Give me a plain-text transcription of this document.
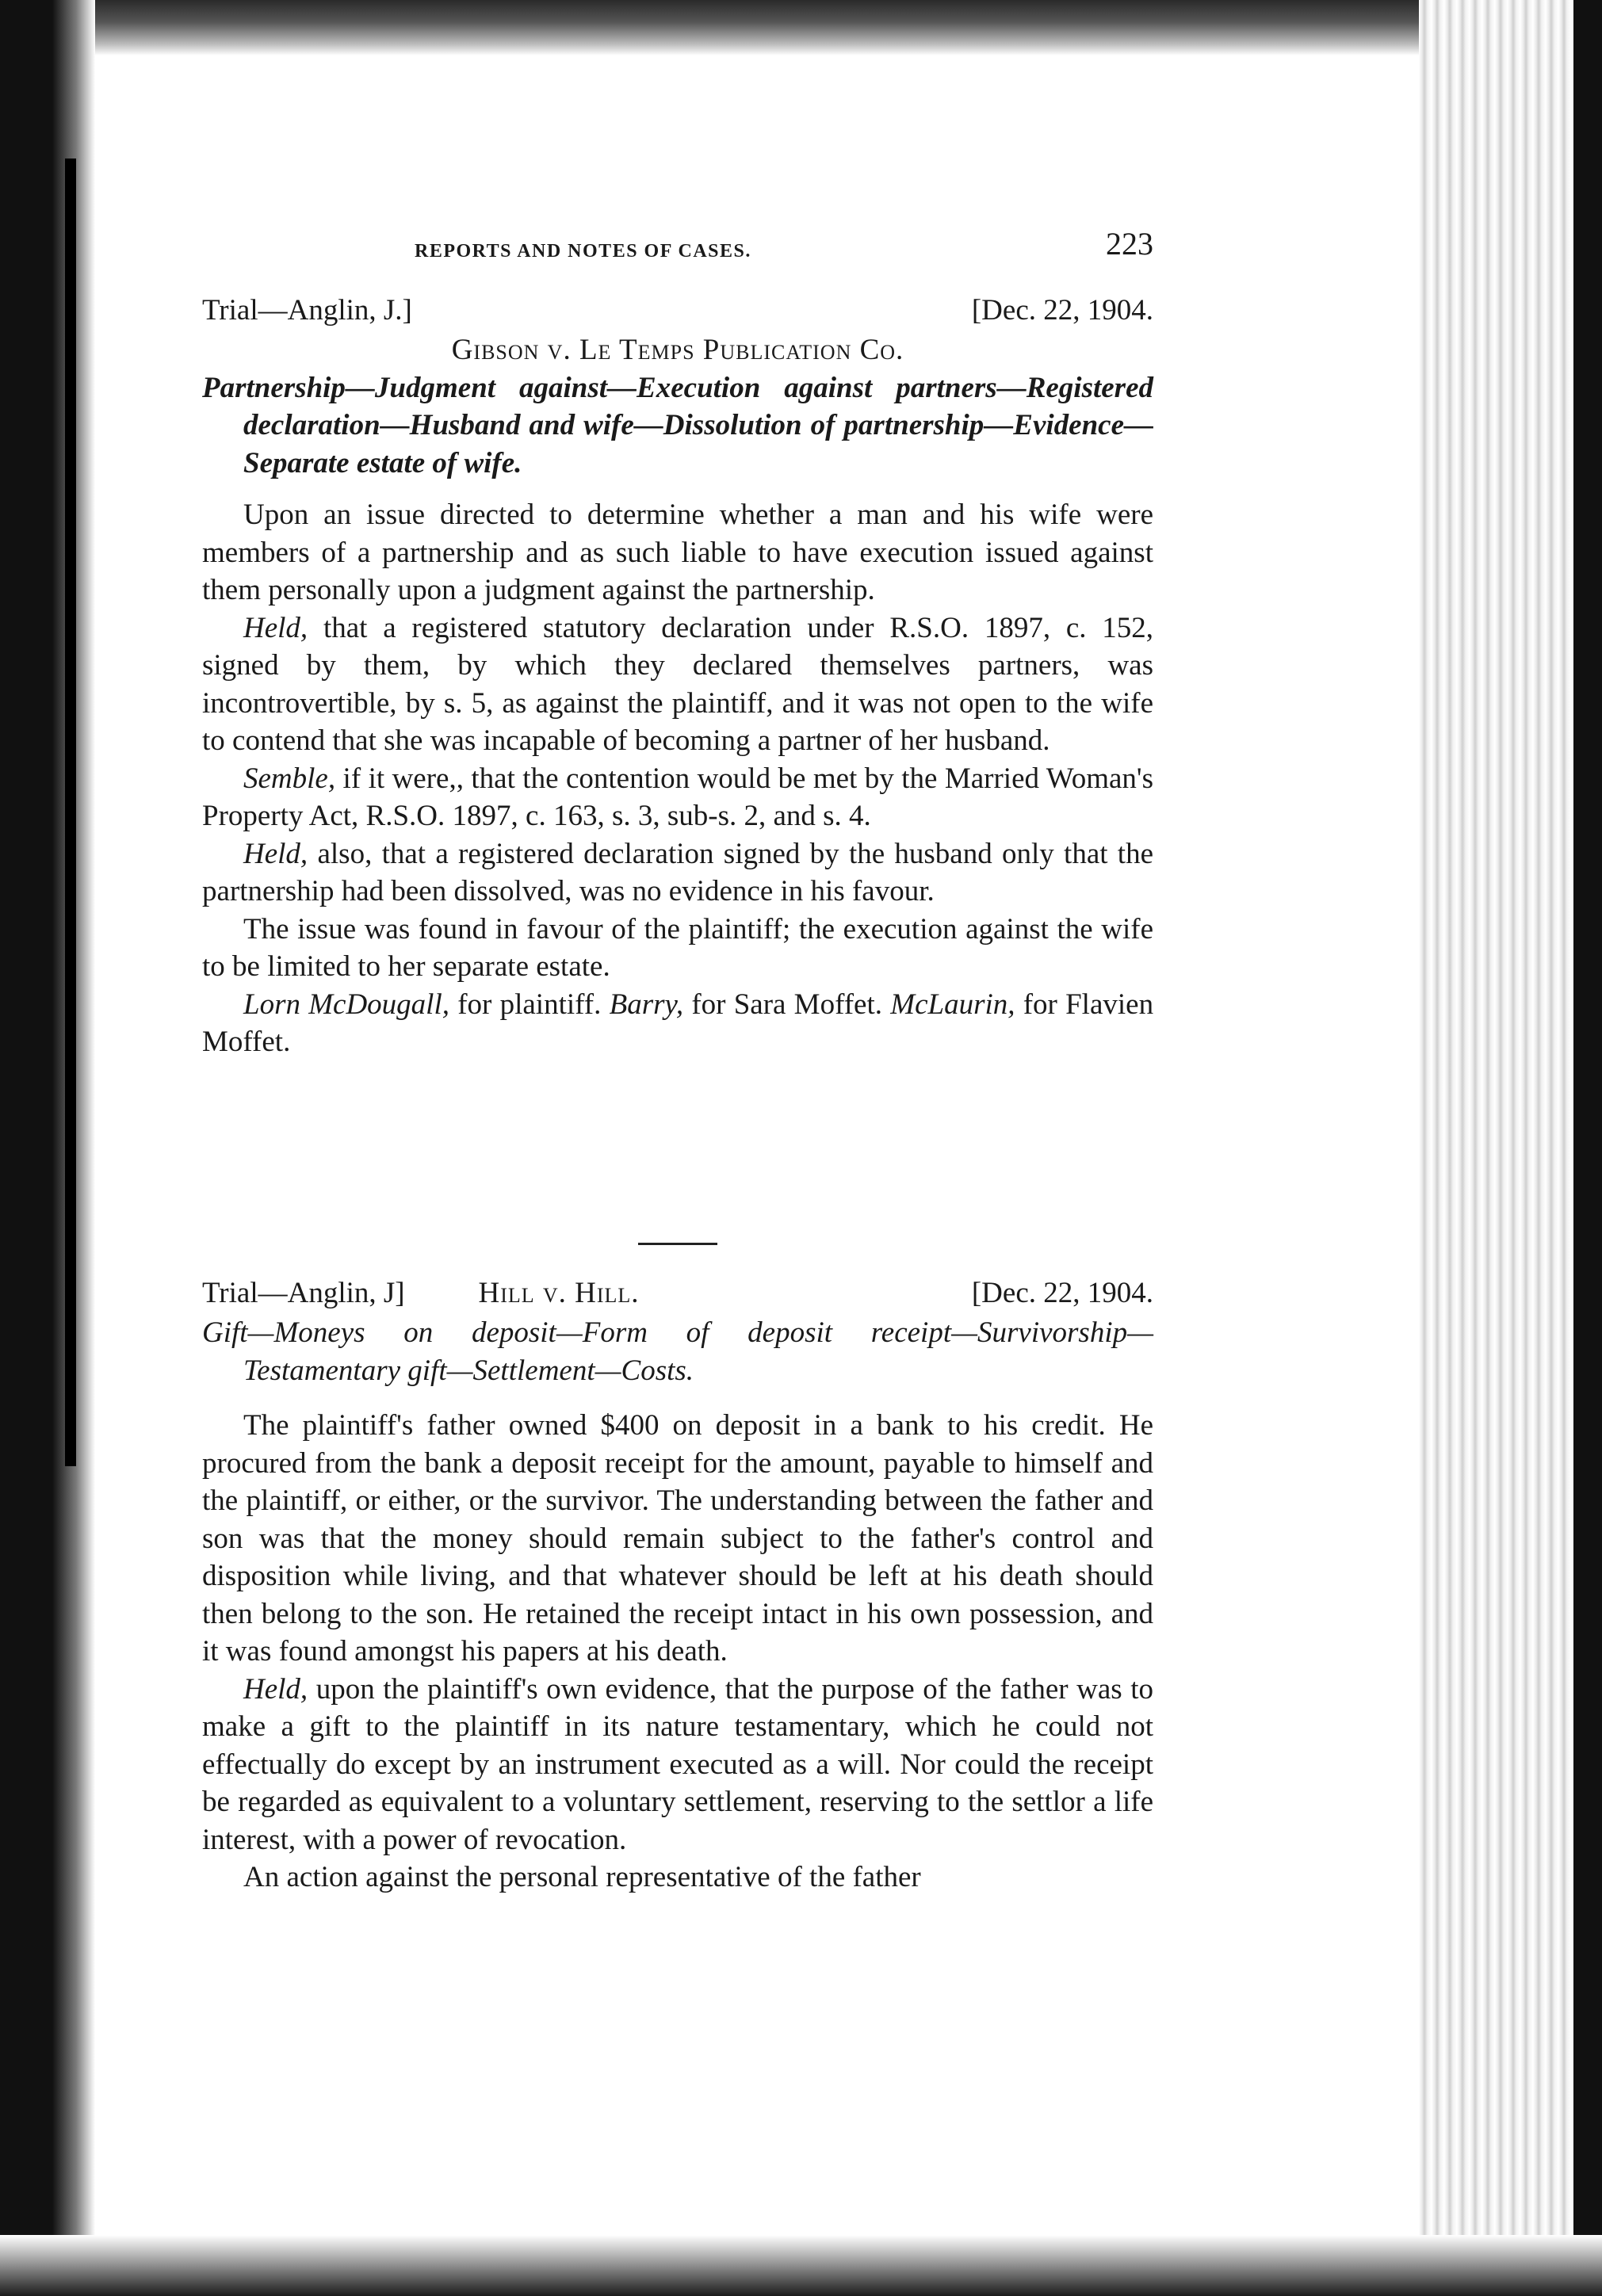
REPORTS AND NOTES OF CASES.	223
Trial—Anglin, J.]	[Dec. 22, 1904.
Gibson v. Le Temps Publication Co.

Partnership—Judgment against—Execution against partners—Registered declaration—Husband and wife—Dissolution of partnership—Evidence—Separate estate of wife.

Upon an issue directed to determine whether a man and his wife were members of a partnership and as such liable to have execution issued against them personally upon a judgment against the partnership.

Held, that a registered statutory declaration under R.S.O. 1897, c. 152, signed by them, by which they declared themselves partners, was incontrovertible, by s. 5, as against the plaintiff, and it was not open to the wife to contend that she was incapable of becoming a partner of her husband.

Semble, if it were,, that the contention would be met by the Married Woman's Property Act, R.S.O. 1897, c. 163, s. 3, sub-s. 2, and s. 4.

Held, also, that a registered declaration signed by the husband only that the partnership had been dissolved, was no evidence in his favour.

The issue was found in favour of the plaintiff; the execution against the wife to be limited to her separate estate.

Lorn McDougall, for plaintiff. Barry, for Sara Moffet. McLaurin, for Flavien Moffet.

Trial—Anglin, J]	Hill v. Hill.	[Dec. 22, 1904.

Gift—Moneys on deposit—Form of deposit receipt—Survivorship—Testamentary gift—Settlement—Costs.

The plaintiff's father owned $400 on deposit in a bank to his credit. He procured from the bank a deposit receipt for the amount, payable to himself and the plaintiff, or either, or the survivor. The understanding between the father and son was that the money should remain subject to the father's control and disposition while living, and that whatever should be left at his death should then belong to the son. He retained the receipt intact in his own possession, and it was found amongst his papers at his death.

Held, upon the plaintiff's own evidence, that the purpose of the father was to make a gift to the plaintiff in its nature testamentary, which he could not effectually do except by an instrument executed as a will. Nor could the receipt be regarded as equivalent to a voluntary settlement, reserving to the settlor a life interest, with a power of revocation.

An action against the personal representative of the father
